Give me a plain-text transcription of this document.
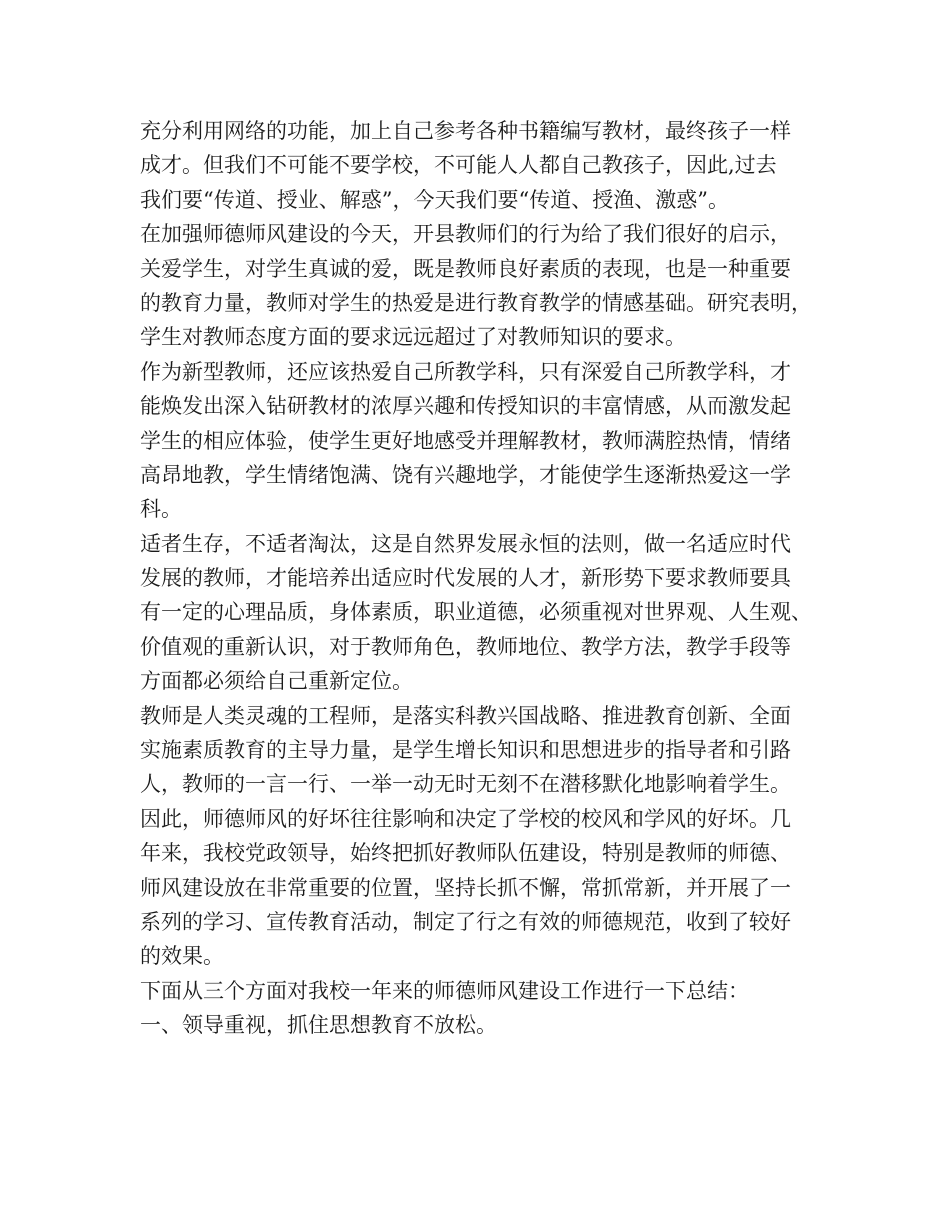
充分利用网络的功能，加上自己参考各种书籍编写教材，最终孩子一样
成才。但我们不可能不要学校，不可能人人都自己教孩子，因此,过去
我们要“传道、授业、解惑”，今天我们要“传道、授渔、激惑”。
在加强师德师风建设的今天，开县教师们的行为给了我们很好的启示，
关爱学生，对学生真诚的爱，既是教师良好素质的表现，也是一种重要
的教育力量，教师对学生的热爱是进行教育教学的情感基础。研究表明，
学生对教师态度方面的要求远远超过了对教师知识的要求。
作为新型教师，还应该热爱自己所教学科，只有深爱自己所教学科，才
能焕发出深入钻研教材的浓厚兴趣和传授知识的丰富情感，从而激发起
学生的相应体验，使学生更好地感受并理解教材，教师满腔热情，情绪
高昂地教，学生情绪饱满、饶有兴趣地学，才能使学生逐渐热爱这一学
科。
适者生存，不适者淘汰，这是自然界发展永恒的法则，做一名适应时代
发展的教师，才能培养出适应时代发展的人才，新形势下要求教师要具
有一定的心理品质，身体素质，职业道德，必须重视对世界观、人生观、
价值观的重新认识，对于教师角色，教师地位、教学方法，教学手段等
方面都必须给自己重新定位。
教师是人类灵魂的工程师，是落实科教兴国战略、推进教育创新、全面
实施素质教育的主导力量，是学生增长知识和思想进步的指导者和引路
人，教师的一言一行、一举一动无时无刻不在潜移默化地影响着学生。
因此，师德师风的好坏往往影响和决定了学校的校风和学风的好坏。几
年来，我校党政领导，始终把抓好教师队伍建设，特别是教师的师德、
师风建设放在非常重要的位置，坚持长抓不懈，常抓常新，并开展了一
系列的学习、宣传教育活动，制定了行之有效的师德规范，收到了较好
的效果。
下面从三个方面对我校一年来的师德师风建设工作进行一下总结：
一、领导重视，抓住思想教育不放松。
